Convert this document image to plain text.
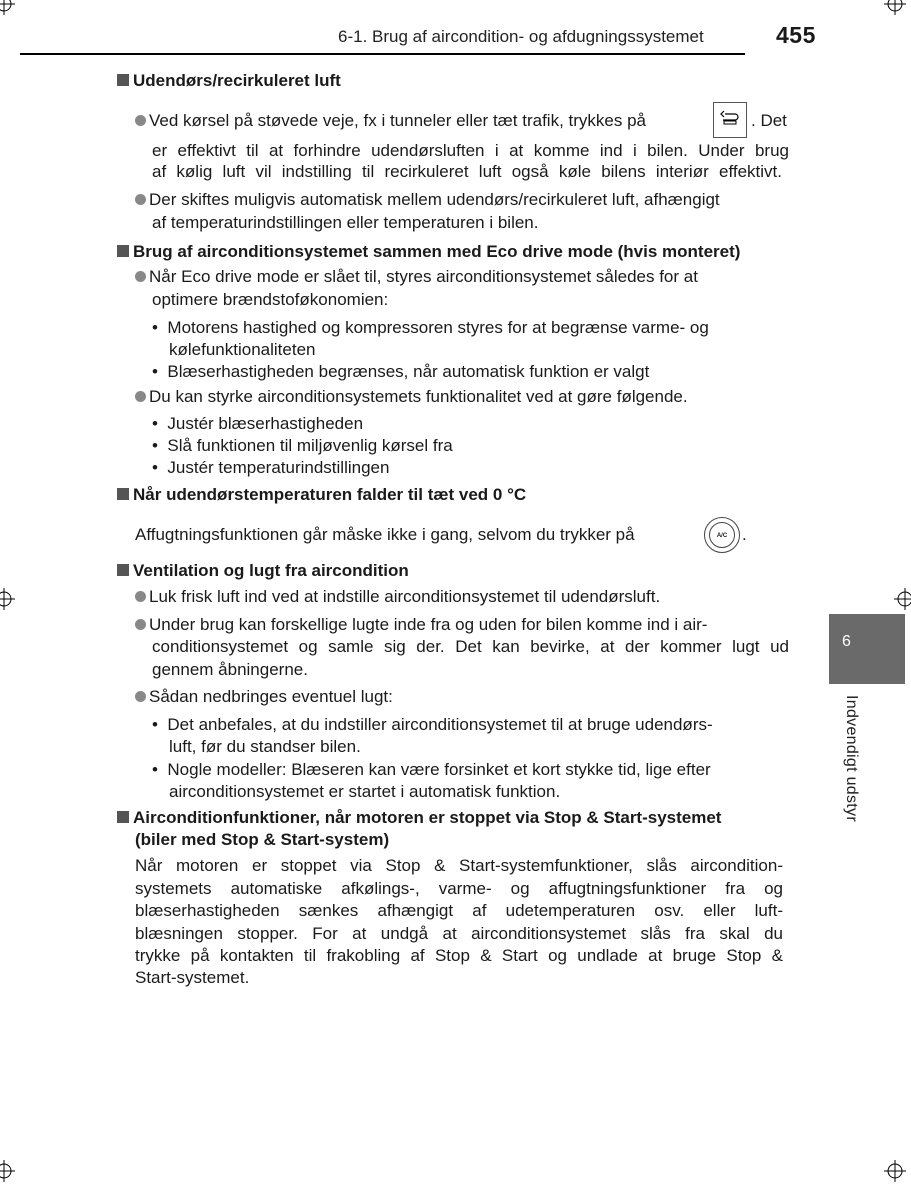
6-1. Brug af aircondition- og afdugningssystemet	455
6
Indvendigt udstyr
Udendørs/recirkuleret luft
Ved kørsel på støvede veje, fx i tunneler eller tæt trafik, trykkes på	. Det
er effektivt til at forhindre udendørsluften i at komme ind i bilen. Under brug
af kølig luft vil indstilling til recirkuleret luft også køle bilens interiør effektivt.
Der skiftes muligvis automatisk mellem udendørs/recirkuleret luft, afhængigt
af temperaturindstillingen eller temperaturen i bilen.
Brug af airconditionsystemet sammen med Eco drive mode (hvis monteret)
Når Eco drive mode er slået til, styres airconditionsystemet således for at
optimere brændstoføkonomien:
•  Motorens hastighed og kompressoren styres for at begrænse varme- og
kølefunktionaliteten
•  Blæserhastigheden begrænses, når automatisk funktion er valgt
Du kan styrke airconditionsystemets funktionalitet ved at gøre følgende.
•  Justér blæserhastigheden
•  Slå funktionen til miljøvenlig kørsel fra
•  Justér temperaturindstillingen
Når udendørstemperaturen falder til tæt ved 0 °C
Affugtningsfunktionen går måske ikke i gang, selvom du trykker på	A/C .
Ventilation og lugt fra aircondition
Luk frisk luft ind ved at indstille airconditionsystemet til udendørsluft.
Under brug kan forskellige lugte inde fra og uden for bilen komme ind i air-
conditionsystemet og samle sig der. Det kan bevirke, at der kommer lugt ud
gennem åbningerne.
Sådan nedbringes eventuel lugt:
•  Det anbefales, at du indstiller airconditionsystemet til at bruge udendørs-
luft, før du standser bilen.
•  Nogle modeller: Blæseren kan være forsinket et kort stykke tid, lige efter
airconditionsystemet er startet i automatisk funktion.
Airconditionfunktioner, når motoren er stoppet via Stop & Start-systemet
(biler med Stop & Start-system)
Når motoren er stoppet via Stop & Start-systemfunktioner, slås aircondition-
systemets automatiske afkølings-, varme- og affugtningsfunktioner fra og
blæserhastigheden sænkes afhængigt af udetemperaturen osv. eller luft-
blæsningen stopper. For at undgå at airconditionsystemet slås fra skal du
trykke på kontakten til frakobling af Stop & Start og undlade at bruge Stop &
Start-systemet.
